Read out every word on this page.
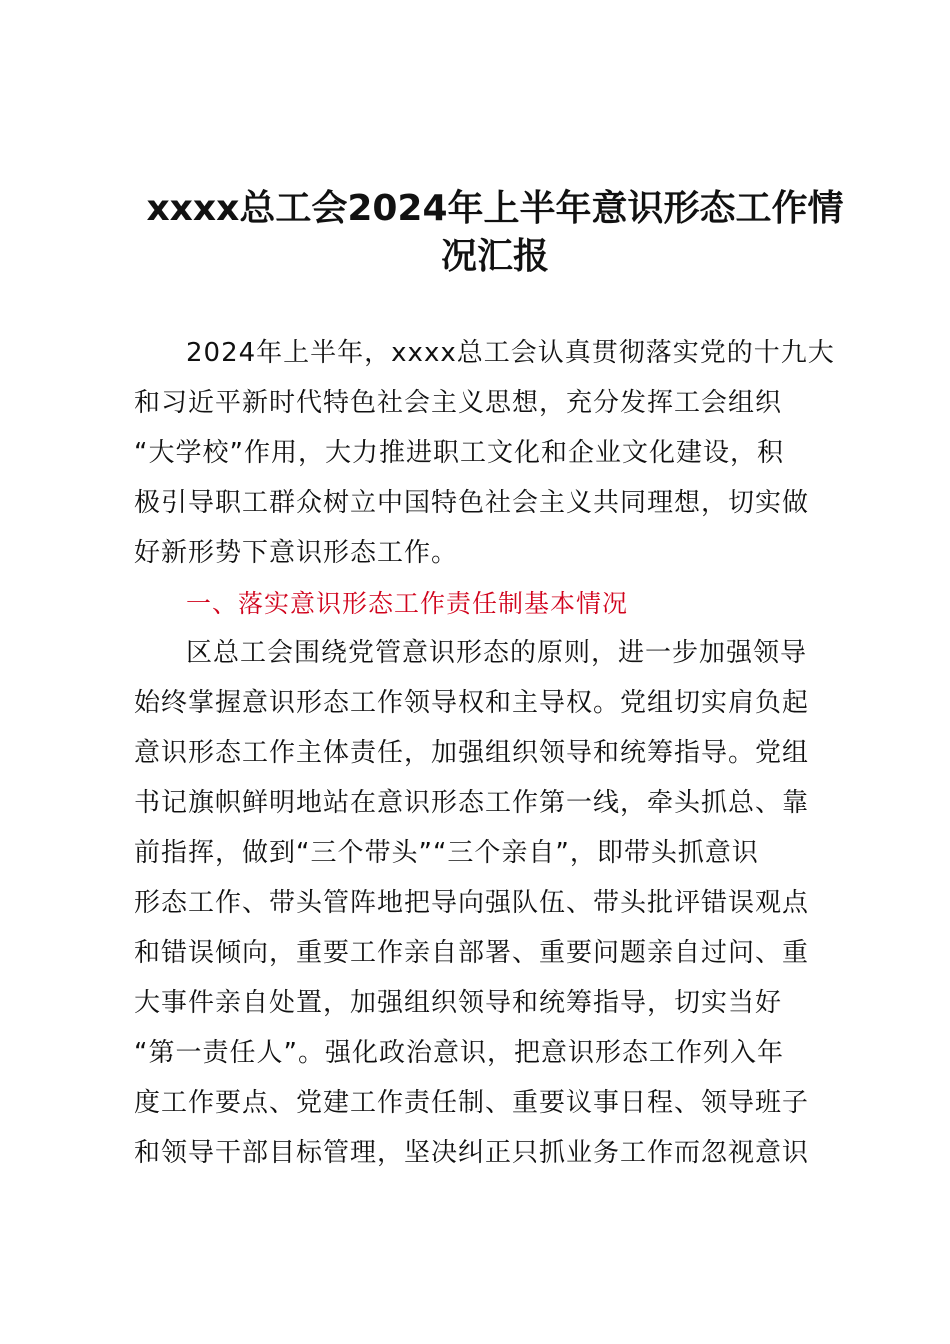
xxxx总工会2024年上半年意识形态工作情
况汇报

2024年上半年，xxxx总工会认真贯彻落实党的十九大

和习近平新时代特色社会主义思想，充分发挥工会组织

“大学校”作用，大力推进职工文化和企业文化建设，积

极引导职工群众树立中国特色社会主义共同理想，切实做

好新形势下意识形态工作。

一、落实意识形态工作责任制基本情况

区总工会围绕党管意识形态的原则，进一步加强领导

始终掌握意识形态工作领导权和主导权。党组切实肩负起

意识形态工作主体责任，加强组织领导和统筹指导。党组

书记旗帜鲜明地站在意识形态工作第一线，牵头抓总、靠

前指挥，做到“三个带头”“三个亲自”，即带头抓意识

形态工作、带头管阵地把导向强队伍、带头批评错误观点

和错误倾向，重要工作亲自部署、重要问题亲自过问、重

大事件亲自处置，加强组织领导和统筹指导，切实当好

“第一责任人”。强化政治意识，把意识形态工作列入年

度工作要点、党建工作责任制、重要议事日程、领导班子

和领导干部目标管理，坚决纠正只抓业务工作而忽视意识
